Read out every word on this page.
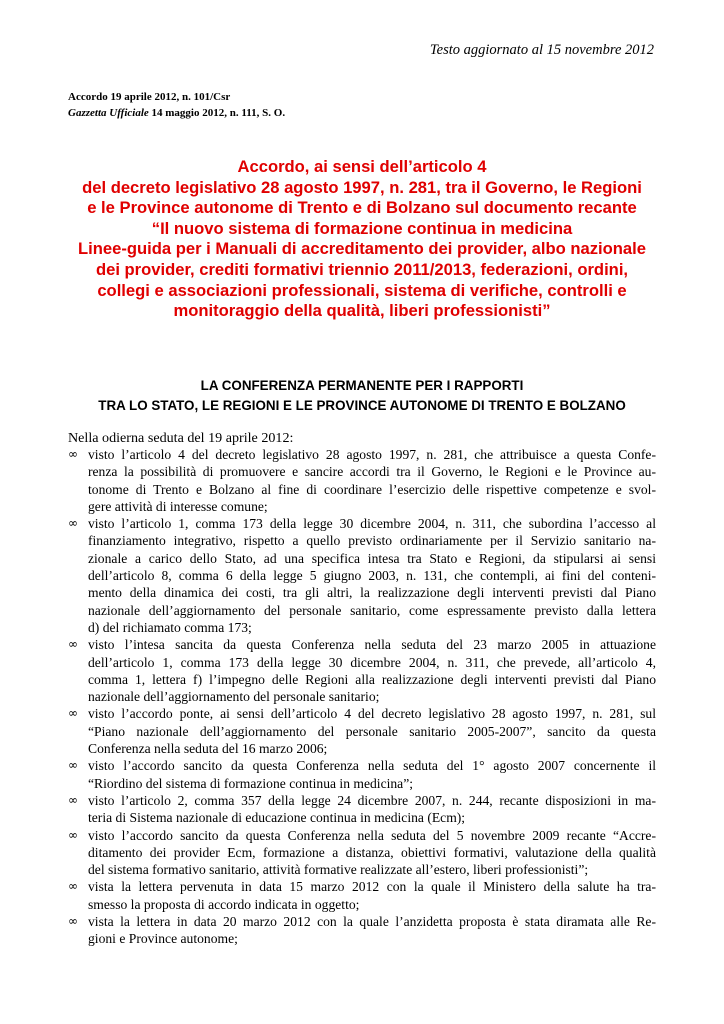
Testo aggiornato al 15 novembre 2012
Accordo 19 aprile 2012, n. 101/Csr
Gazzetta Ufficiale 14 maggio 2012, n. 111, S. O.
Accordo, ai sensi dell’articolo 4
del decreto legislativo 28 agosto 1997, n. 281, tra il Governo, le Regioni
e le Province autonome di Trento e di Bolzano sul documento recante
“Il nuovo sistema di formazione continua in medicina
Linee-guida per i Manuali di accreditamento dei provider, albo nazionale
dei provider, crediti formativi triennio 2011/2013, federazioni, ordini,
collegi e associazioni professionali, sistema di verifiche, controlli e
monitoraggio della qualità, liberi professionisti”
LA CONFERENZA PERMANENTE PER I RAPPORTI
TRA LO STATO, LE REGIONI E LE PROVINCE AUTONOME DI TRENTO E BOLZANO
Nella odierna seduta del 19 aprile 2012:
∞ visto l’articolo 4 del decreto legislativo 28 agosto 1997, n. 281, che attribuisce a questa Confe-
renza la possibilità di promuovere e sancire accordi tra il Governo, le Regioni e le Province au-
tonome di Trento e Bolzano al fine di coordinare l’esercizio delle rispettive competenze e svol-
gere attività di interesse comune;
∞ visto l’articolo 1, comma 173 della legge 30 dicembre 2004, n. 311, che subordina l’accesso al
finanziamento integrativo, rispetto a quello previsto ordinariamente per il Servizio sanitario na-
zionale a carico dello Stato, ad una specifica intesa tra Stato e Regioni, da stipularsi ai sensi
dell’articolo 8, comma 6 della legge 5 giugno 2003, n. 131, che contempli, ai fini del conteni-
mento della dinamica dei costi, tra gli altri, la realizzazione degli interventi previsti dal Piano
nazionale dell’aggiornamento del personale sanitario, come espressamente previsto dalla lettera
d) del richiamato comma 173;
∞ visto l’intesa sancita da questa Conferenza nella seduta del 23 marzo 2005 in attuazione
dell’articolo 1, comma 173 della legge 30 dicembre 2004, n. 311, che prevede, all’articolo 4,
comma 1, lettera f) l’impegno delle Regioni alla realizzazione degli interventi previsti dal Piano
nazionale dell’aggiornamento del personale sanitario;
∞ visto l’accordo ponte, ai sensi dell’articolo 4 del decreto legislativo 28 agosto 1997, n. 281, sul
“Piano nazionale dell’aggiornamento del personale sanitario 2005-2007”, sancito da questa
Conferenza nella seduta del 16 marzo 2006;
∞ visto l’accordo sancito da questa Conferenza nella seduta del 1° agosto 2007 concernente il
“Riordino del sistema di formazione continua in medicina”;
∞ visto l’articolo 2, comma 357 della legge 24 dicembre 2007, n. 244, recante disposizioni in ma-
teria di Sistema nazionale di educazione continua in medicina (Ecm);
∞ visto l’accordo sancito da questa Conferenza nella seduta del 5 novembre 2009 recante “Accre-
ditamento dei provider Ecm, formazione a distanza, obiettivi formativi, valutazione della qualità
del sistema formativo sanitario, attività formative realizzate all’estero, liberi professionisti”;
∞ vista la lettera pervenuta in data 15 marzo 2012 con la quale il Ministero della salute ha tra-
smesso la proposta di accordo indicata in oggetto;
∞ vista la lettera in data 20 marzo 2012 con la quale l’anzidetta proposta è stata diramata alle Re-
gioni e Province autonome;
